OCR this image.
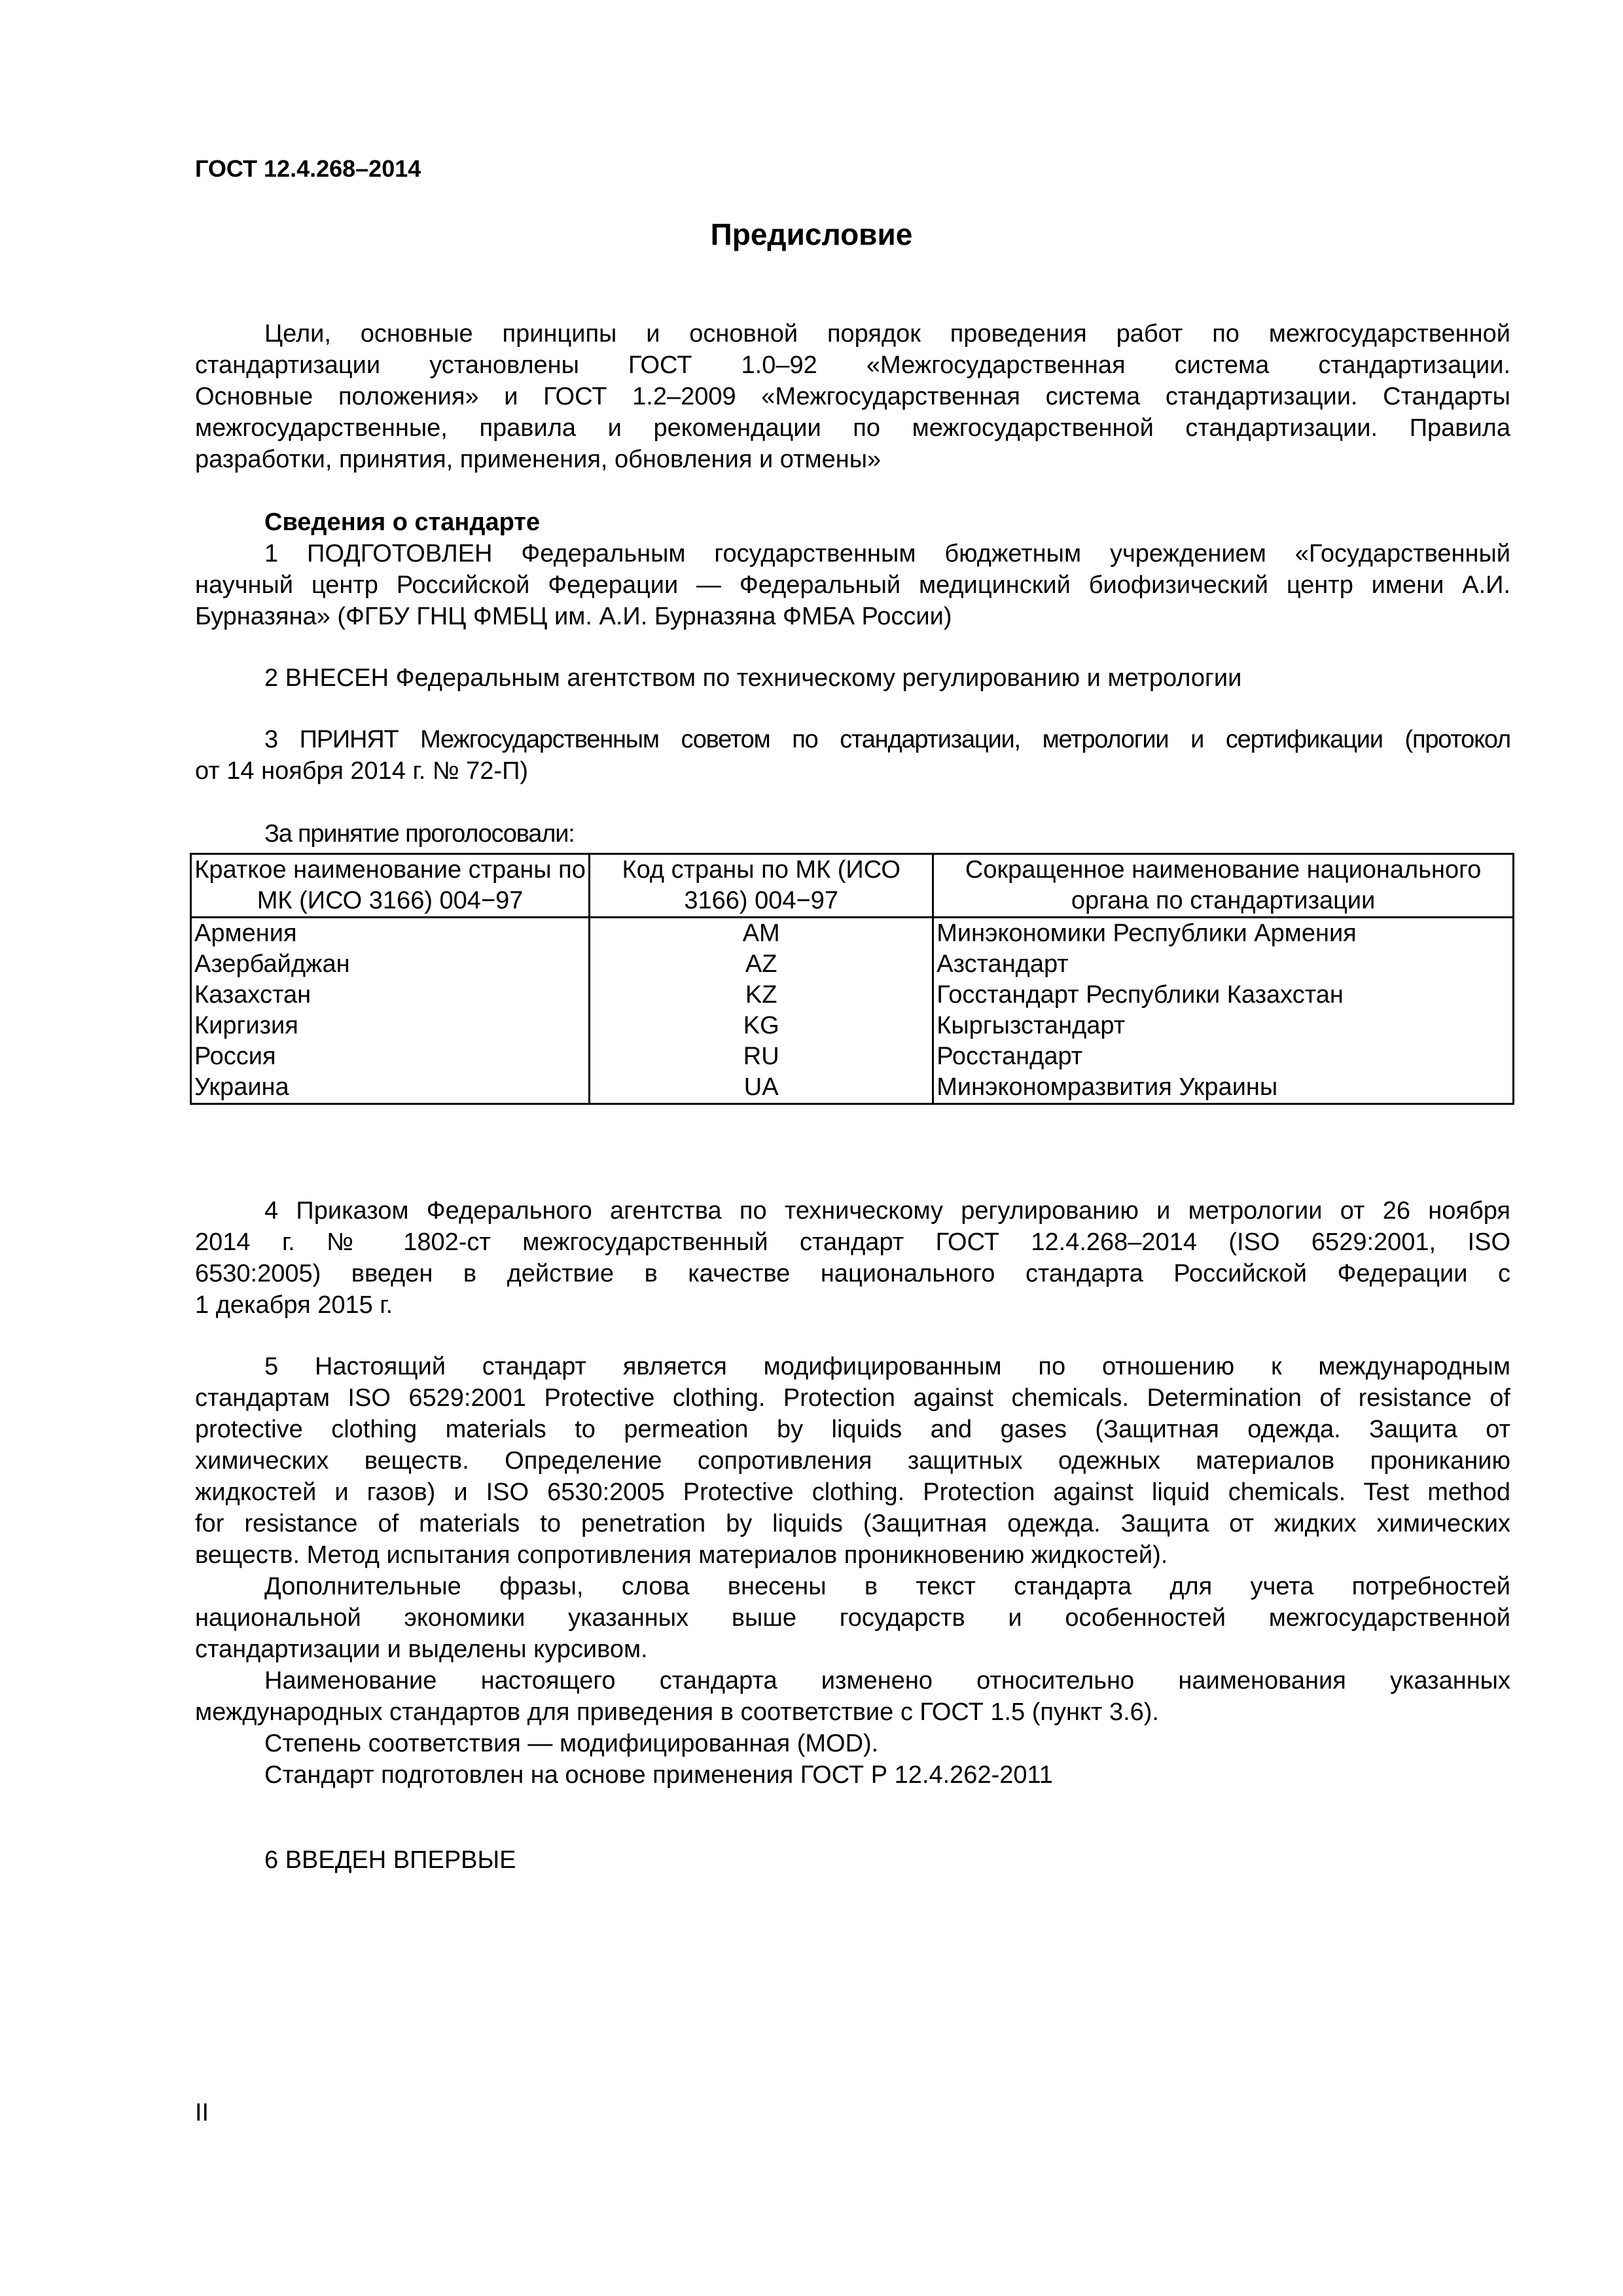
ГОСТ 12.4.268–2014
Предисловие
Цели, основные принципы и основной порядок проведения работ по межгосударственной
стандартизации установлены ГОСТ 1.0–92 «Межгосударственная система стандартизации.
Основные положения» и ГОСТ 1.2–2009 «Межгосударственная система стандартизации. Стандарты
межгосударственные, правила и рекомендации по межгосударственной стандартизации. Правила
разработки, принятия, применения, обновления и отмены»
Сведения о стандарте
1 ПОДГОТОВЛЕН Федеральным государственным бюджетным учреждением «Государственный
научный центр Российской Федерации — Федеральный медицинский биофизический центр имени А.И.
Бурназяна» (ФГБУ ГНЦ ФМБЦ им. А.И. Бурназяна ФМБА России)
2 ВНЕСЕН Федеральным агентством по техническому регулированию и метрологии
3 ПРИНЯТ Межгосударственным советом по стандартизации, метрологии и сертификации (протокол
от 14 ноября 2014 г. № 72-П)
За принятие проголосовали:
Краткое наименование страны по МК (ИСО 3166) 004−97	Код страны по МК (ИСО 3166) 004−97	Сокращенное наименование национального органа по стандартизации
Армения	AM	Минэкономики Республики Армения
Азербайджан	AZ	Азстандарт
Казахстан	KZ	Госстандарт Республики Казахстан
Киргизия	KG	Кыргызстандарт
Россия	RU	Росстандарт
Украина	UA	Минэкономразвития Украины
4 Приказом Федерального агентства по техническому регулированию и метрологии от 26 ноября
2014 г. № 1802-ст межгосударственный стандарт ГОСТ 12.4.268–2014 (ISO 6529:2001, ISO
6530:2005) введен в действие в качестве национального стандарта Российской Федерации с
1 декабря 2015 г.
5 Настоящий стандарт является модифицированным по отношению к международным
стандартам ISO 6529:2001 Protective clothing. Protection against chemicals. Determination of resistance of
protective clothing materials to permeation by liquids and gases (Защитная одежда. Защита от
химических веществ. Определение сопротивления защитных одежных материалов прониканию
жидкостей и газов) и ISO 6530:2005 Protective clothing. Protection against liquid chemicals. Test method
for resistance of materials to penetration by liquids (Защитная одежда. Защита от жидких химических
веществ. Метод испытания сопротивления материалов проникновению жидкостей).
Дополнительные фразы, слова внесены в текст стандарта для учета потребностей
национальной экономики указанных выше государств и особенностей межгосударственной
стандартизации и выделены курсивом.
Наименование настоящего стандарта изменено относительно наименования указанных
международных стандартов для приведения в соответствие с ГОСТ 1.5 (пункт 3.6).
Степень соответствия — модифицированная (MOD).
Стандарт подготовлен на основе применения ГОСТ Р 12.4.262-2011
6 ВВЕДЕН ВПЕРВЫЕ
II
